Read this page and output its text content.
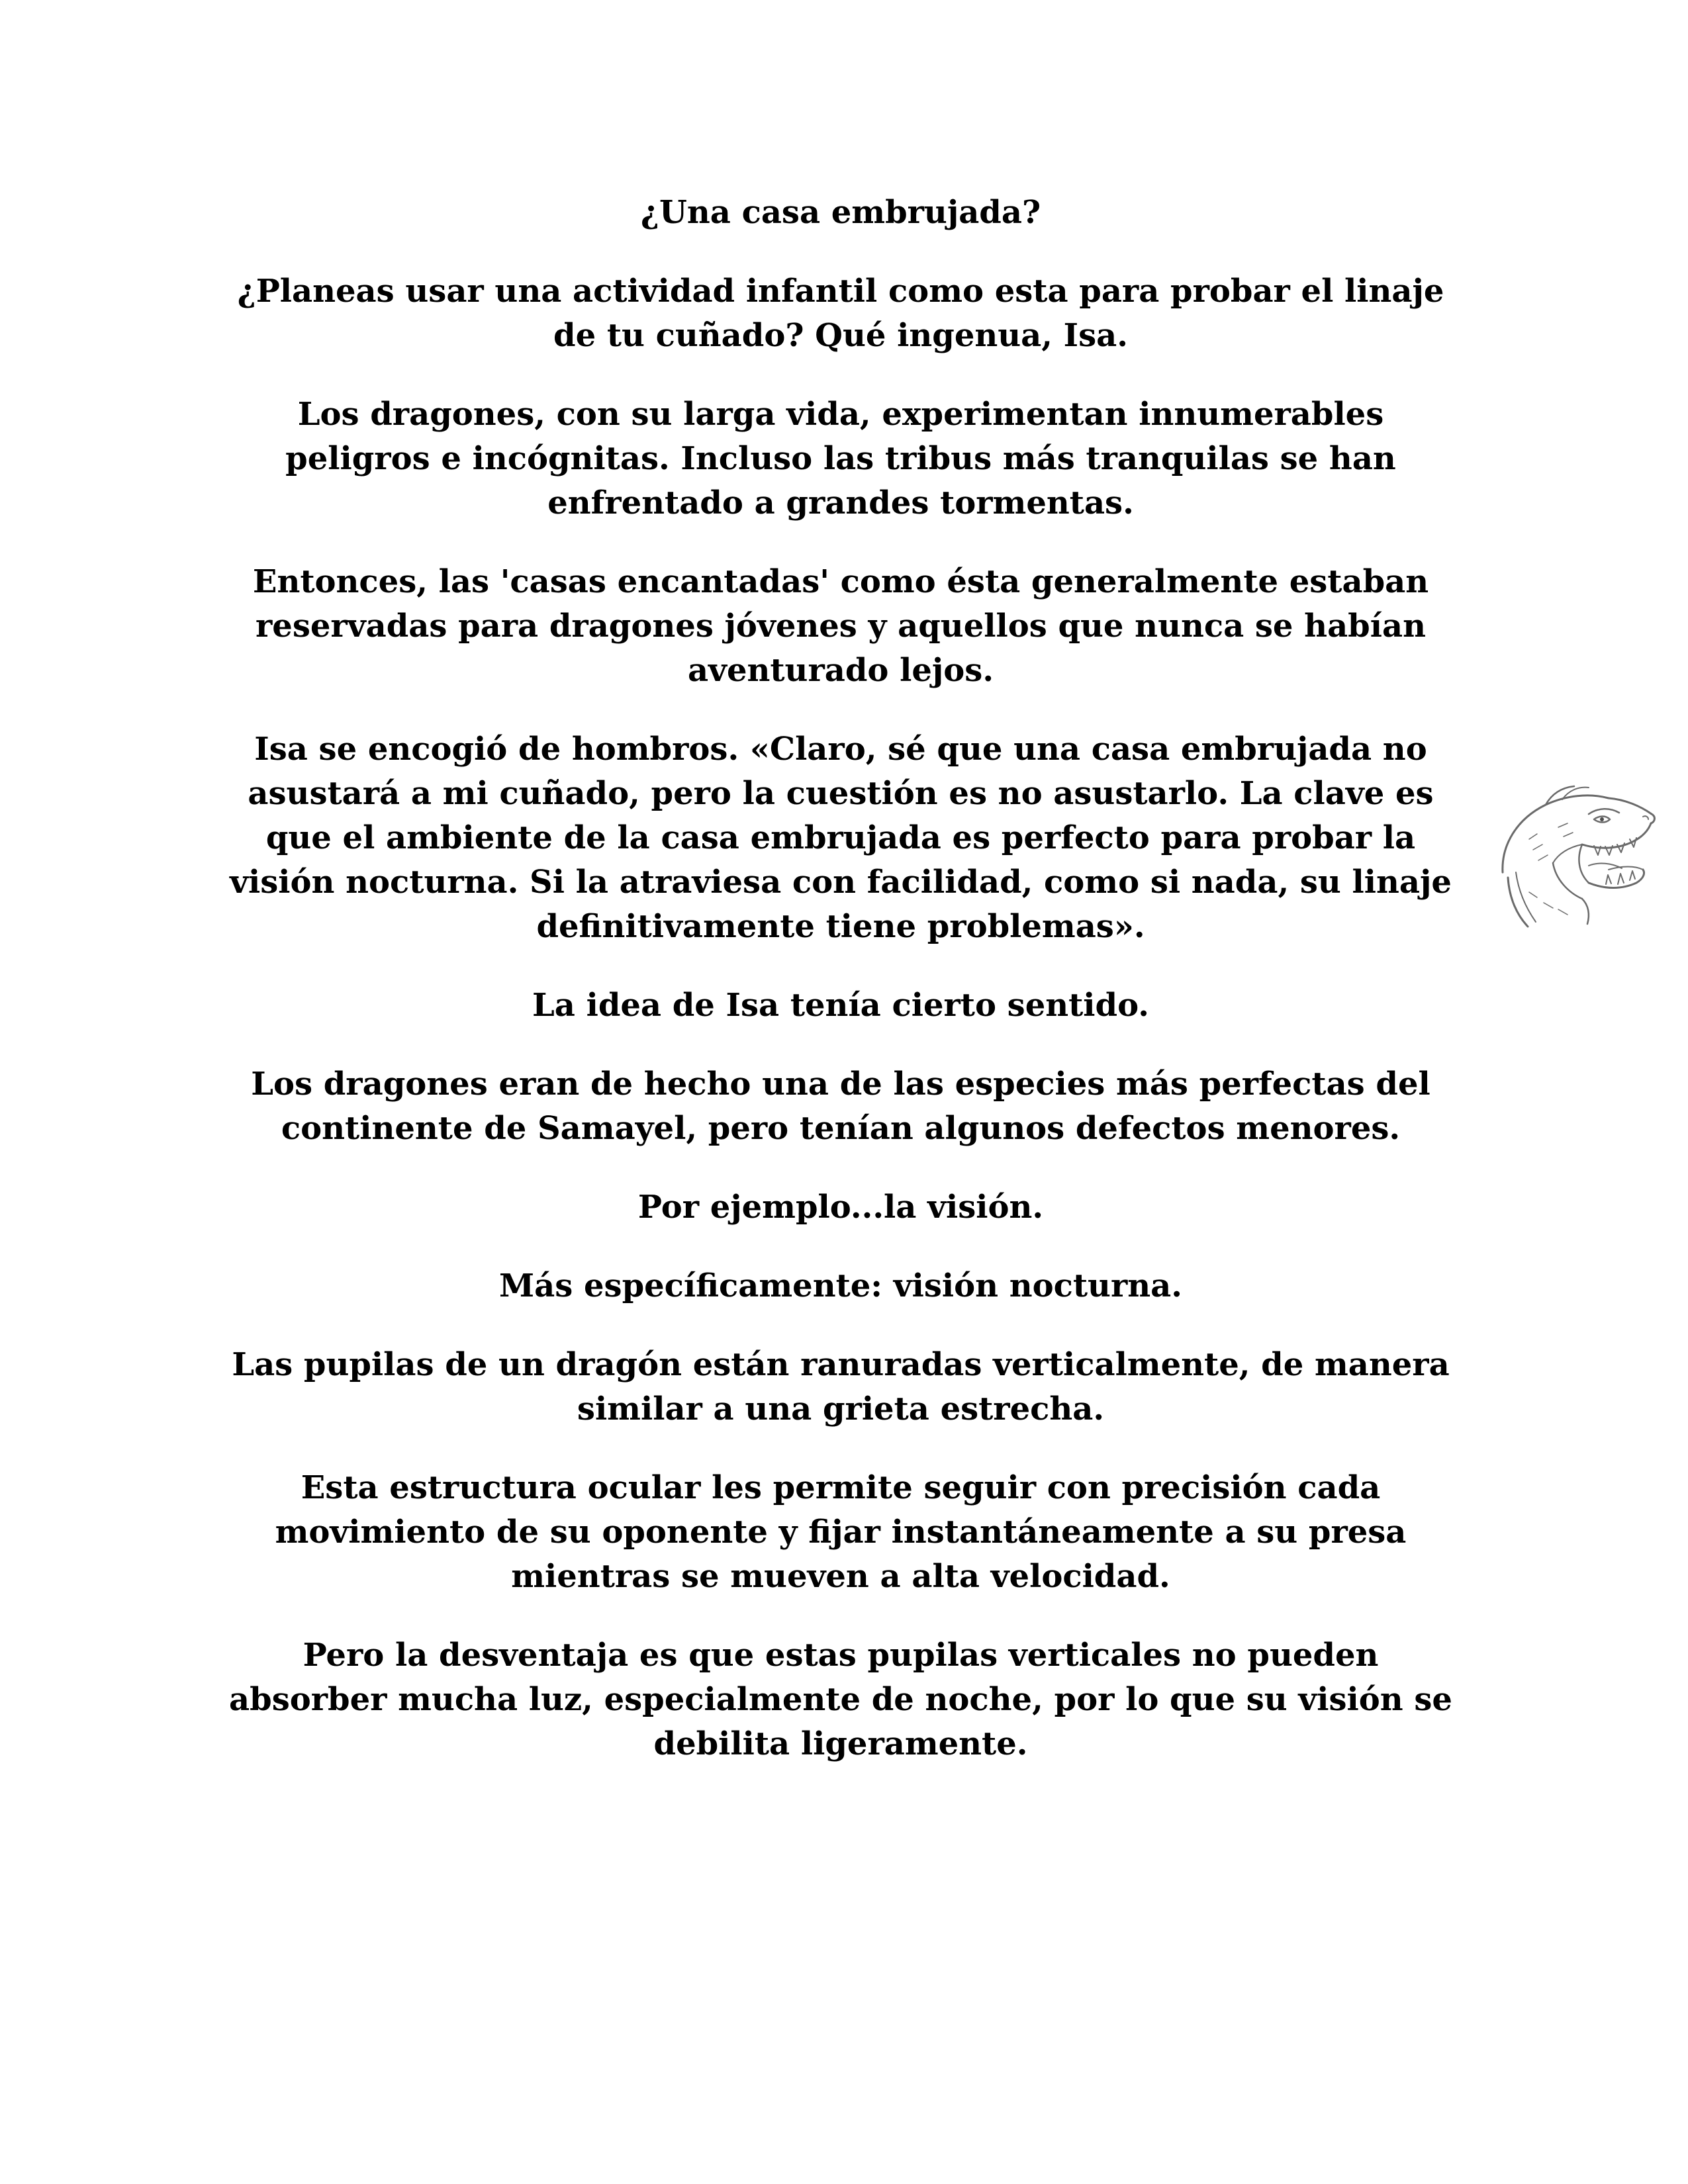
¿Una casa embrujada?

¿Planeas usar una actividad infantil como esta para probar el linaje de tu cuñado? Qué ingenua, Isa.

Los dragones, con su larga vida, experimentan innumerables peligros e incógnitas. Incluso las tribus más tranquilas se han enfrentado a grandes tormentas.

Entonces, las 'casas encantadas' como ésta generalmente estaban reservadas para dragones jóvenes y aquellos que nunca se habían aventurado lejos.

Isa se encogió de hombros. «Claro, sé que una casa embrujada no asustará a mi cuñado, pero la cuestión es no asustarlo. La clave es que el ambiente de la casa embrujada es perfecto para probar la visión nocturna. Si la atraviesa con facilidad, como si nada, su linaje definitivamente tiene problemas».

La idea de Isa tenía cierto sentido.

Los dragones eran de hecho una de las especies más perfectas del continente de Samayel, pero tenían algunos defectos menores.

Por ejemplo...la visión.

Más específicamente: visión nocturna.

Las pupilas de un dragón están ranuradas verticalmente, de manera similar a una grieta estrecha.

Esta estructura ocular les permite seguir con precisión cada movimiento de su oponente y fijar instantáneamente a su presa mientras se mueven a alta velocidad.

Pero la desventaja es que estas pupilas verticales no pueden absorber mucha luz, especialmente de noche, por lo que su visión se debilita ligeramente.
